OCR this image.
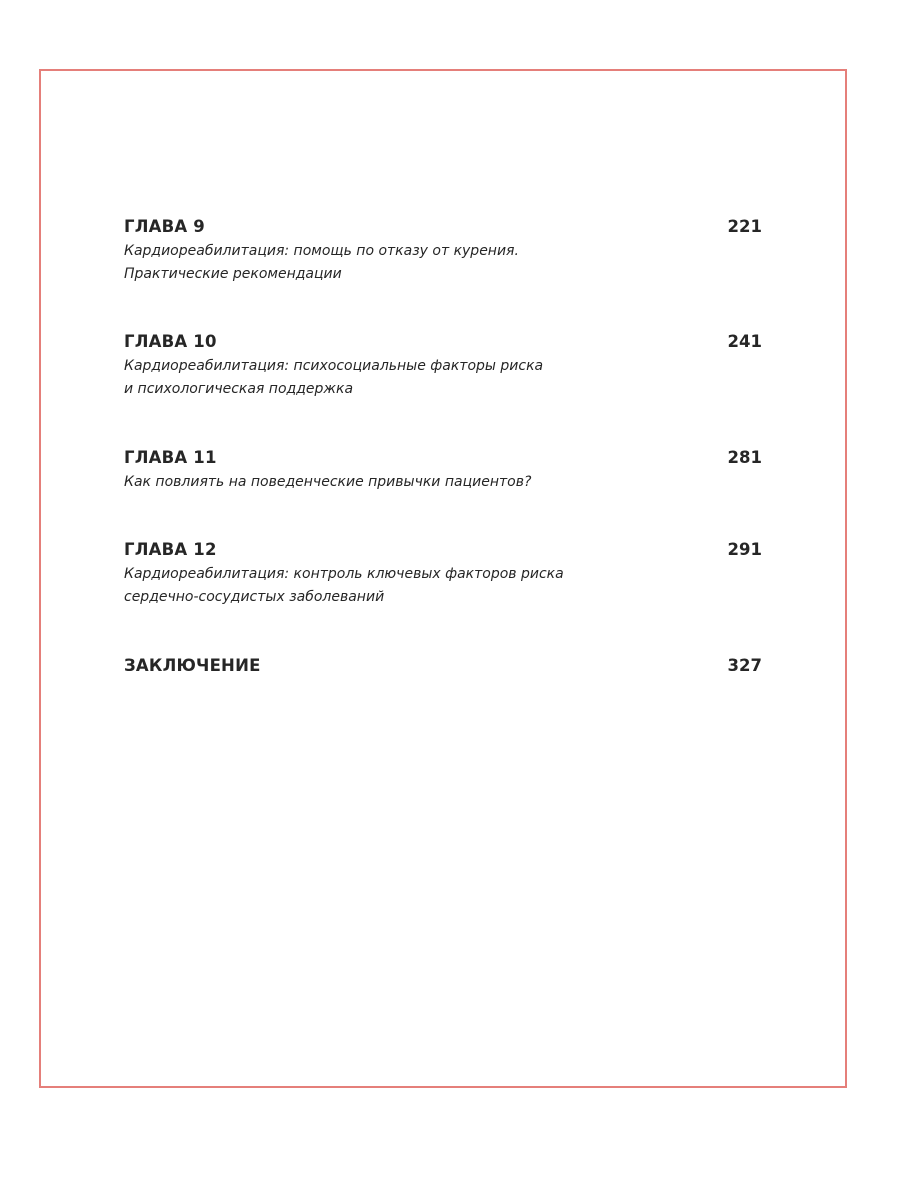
ГЛАВА 9	221
Кардиореабилитация: помощь по отказу от курения.
Практические рекомендации
ГЛАВА 10	241
Кардиореабилитация: психосоциальные факторы риска
и психологическая поддержка
ГЛАВА 11	281
Как повлиять на поведенческие привычки пациентов?
ГЛАВА 12	291
Кардиореабилитация: контроль ключевых факторов риска
сердечно-сосудистых заболеваний
ЗАКЛЮЧЕНИЕ	327
